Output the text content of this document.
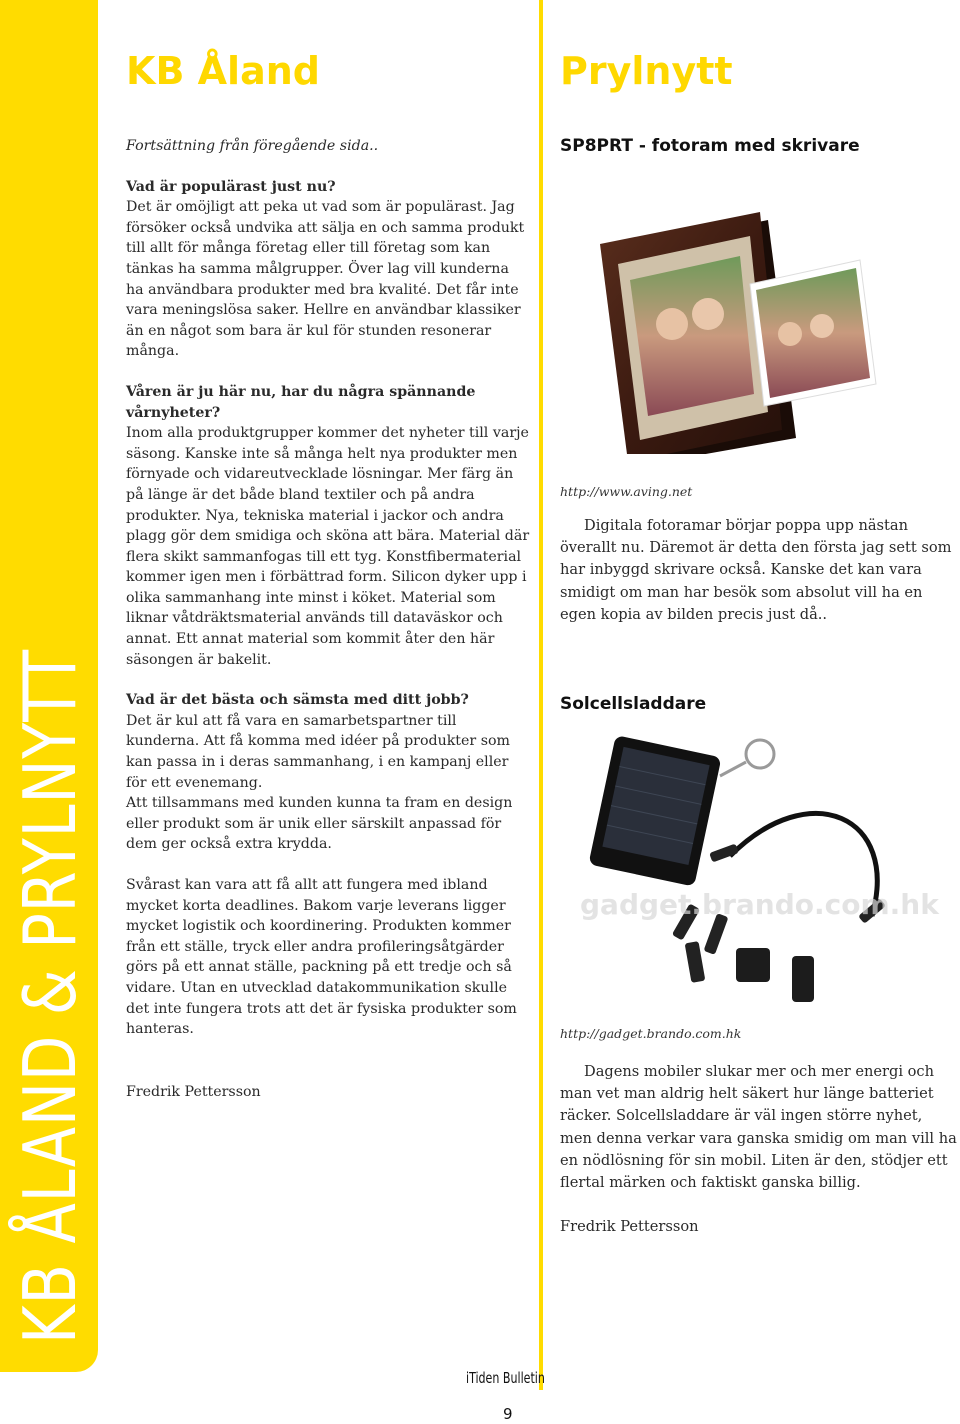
KB ÅLAND & PRYLNYTT
KB Åland	Prylnytt

Fortsättning från föregående sida..

Vad är populärast just nu?

Det är omöjligt att peka ut vad som är populärast. Jag försöker också undvika att sälja en och samma produkt till allt för många företag eller till företag som kan tänkas ha samma målgrupper. Över lag vill kunderna ha användbara produkter med bra kvalité. Det får inte vara meningslösa saker. Hellre en användbar klassiker än en något som bara är kul för stunden resonerar många.

Våren är ju här nu, har du några spännande vårnyheter?

Inom alla produktgrupper kommer det nyheter till varje säsong. Kanske inte så många helt nya produkter men förnyade och vidareutvecklade lösningar. Mer färg än på länge är det både bland textiler och på andra produkter. Nya, tekniska material i jackor och andra plagg gör dem smidiga och sköna att bära. Material där flera skikt sammanfogas till ett tyg. Konstfibermaterial kommer igen men i förbättrad form. Silicon dyker upp i olika sammanhang inte minst i köket. Material som liknar våtdräktsmaterial används till dataväskor och annat. Ett annat material som kommit åter den här säsongen är bakelit.

Vad är det bästa och sämsta med ditt jobb?

Det är kul att få vara en samarbetspartner till kunderna. Att få komma med idéer på produkter som kan passa in i deras sammanhang, i en kampanj eller för ett evenemang.

Att tillsammans med kunden kunna ta fram en design eller produkt som är unik eller särskilt anpassad för dem ger också extra krydda.

Svårast kan vara att få allt att fungera med ibland mycket korta deadlines. Bakom varje leverans ligger mycket logistik och koordinering. Produkten kommer från ett ställe, tryck eller andra profileringsåtgärder görs på ett annat ställe, packning på ett tredje och så vidare. Utan en utvecklad datakommunikation skulle det inte fungera trots att det är fysiska produkter som hanteras.

Fredrik Pettersson

SP8PRT - fotoram med skrivare

http://www.aving.net

Digitala fotoramar börjar poppa upp nästan överallt nu. Däremot är detta den första jag sett som har inbyggd skrivare också. Kanske det kan vara smidigt om man har besök som absolut vill ha en egen kopia av bilden precis just då..

Solcellsladdare
gadget.brando.com.hk

http://gadget.brando.com.hk

Dagens mobiler slukar mer och mer energi och man vet man aldrig helt säkert hur länge batteriet räcker. Solcellsladdare är väl ingen större nyhet, men denna verkar vara ganska smidig om man vill ha en nödlösning för sin mobil. Liten är den, stödjer ett flertal märken och faktiskt ganska billig.

Fredrik Pettersson

iTiden Bulletin
9
